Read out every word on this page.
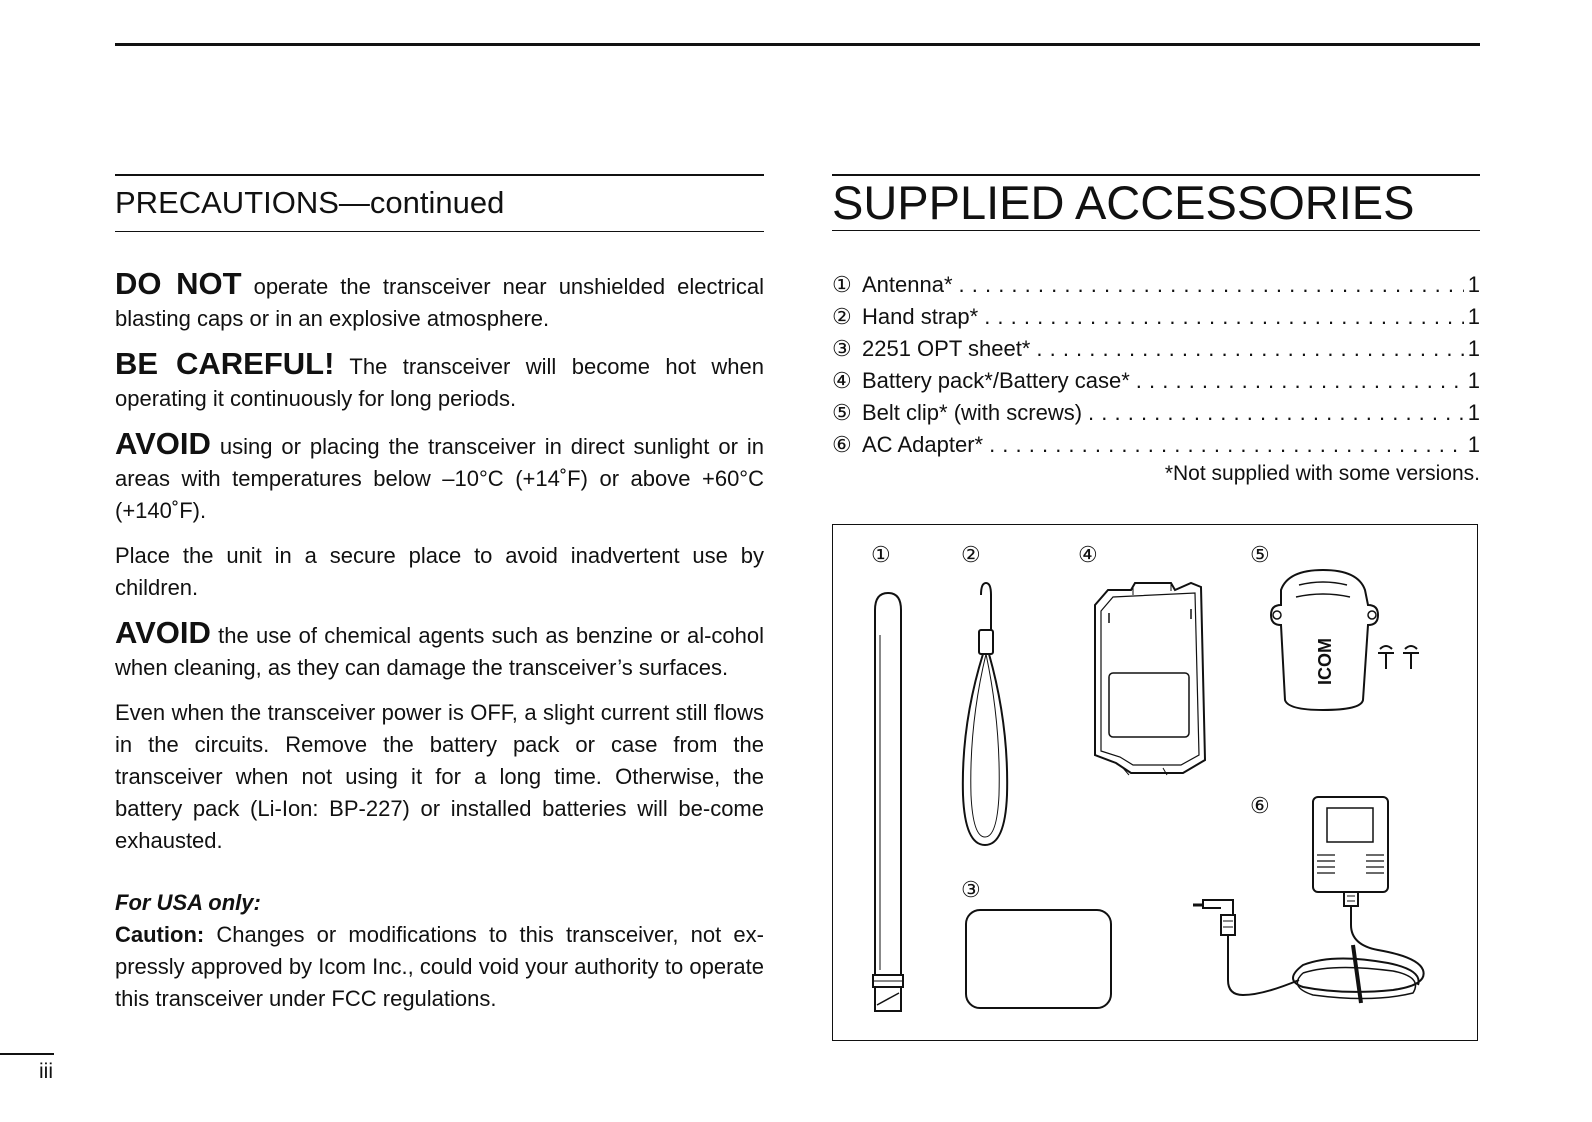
PRECAUTIONS—continued

DO NOT operate the transceiver near unshielded electrical blasting caps or in an explosive atmosphere.

BE CAREFUL! The transceiver will become hot when operating it continuously for long periods.

AVOID using or placing the transceiver in direct sunlight or in areas with temperatures below –10°C (+14˚F) or above +60°C (+140˚F).

Place the unit in a secure place to avoid inadvertent use by children.

AVOID the use of chemical agents such as benzine or al-cohol when cleaning, as they can damage the transceiver’s surfaces.

Even when the transceiver power is OFF, a slight current still flows in the circuits. Remove the battery pack or case from the transceiver when not using it for a long time. Otherwise, the battery pack (Li-Ion: BP-227) or installed batteries will be-come exhausted.

For USA only:

Caution: Changes or modifications to this transceiver, not ex-pressly approved by Icom Inc., could void your authority to operate this transceiver under FCC regulations.

SUPPLIED ACCESSORIES
① Antenna* . . .	1
② Hand strap* . . .	1
③ 2251 OPT sheet* . . .	1
④ Battery pack*/Battery case* . . .	1
⑤ Belt clip* (with screws) . . .	1
⑥ AC Adapter* . . .	1
*Not supplied with some versions.
①	②	④	⑤
⑥
③
ICOM
iii
